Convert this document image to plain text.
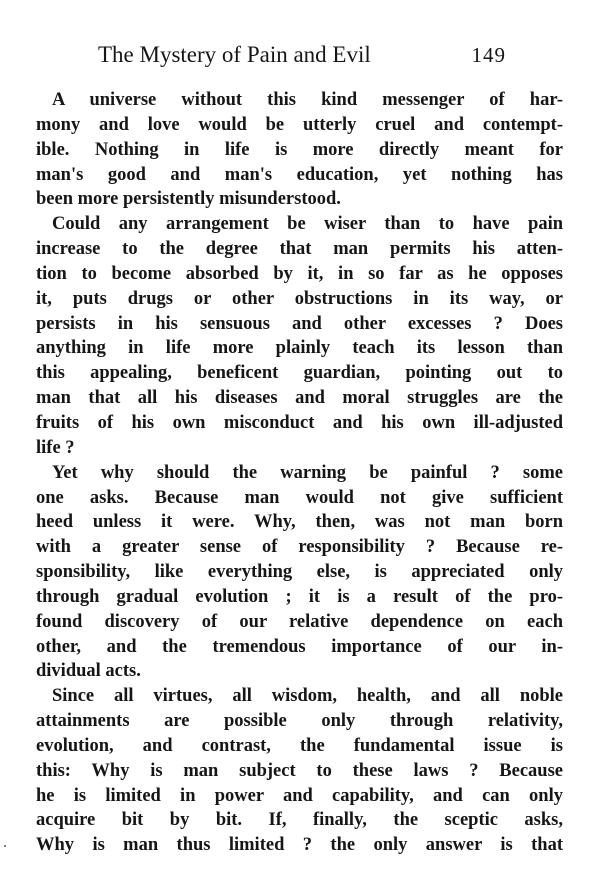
The Mystery of Pain and Evil	149
A universe without this kind messenger of har-
mony and love would be utterly cruel and contempt-
ible. Nothing in life is more directly meant for
man's good and man's education, yet nothing has
been more persistently misunderstood.
Could any arrangement be wiser than to have pain
increase to the degree that man permits his atten-
tion to become absorbed by it, in so far as he opposes
it, puts drugs or other obstructions in its way, or
persists in his sensuous and other excesses ? Does
anything in life more plainly teach its lesson than
this appealing, beneficent guardian, pointing out to
man that all his diseases and moral struggles are the
fruits of his own misconduct and his own ill-adjusted
life ?
Yet why should the warning be painful ? some
one asks. Because man would not give sufficient
heed unless it were. Why, then, was not man born
with a greater sense of responsibility ? Because re-
sponsibility, like everything else, is appreciated only
through gradual evolution ; it is a result of the pro-
found discovery of our relative dependence on each
other, and the tremendous importance of our in-
dividual acts.
Since all virtues, all wisdom, health, and all noble
attainments are possible only through relativity,
evolution, and contrast, the fundamental issue is
this: Why is man subject to these laws ? Because
he is limited in power and capability, and can only
acquire bit by bit. If, finally, the sceptic asks,
Why is man thus limited ? the only answer is that
